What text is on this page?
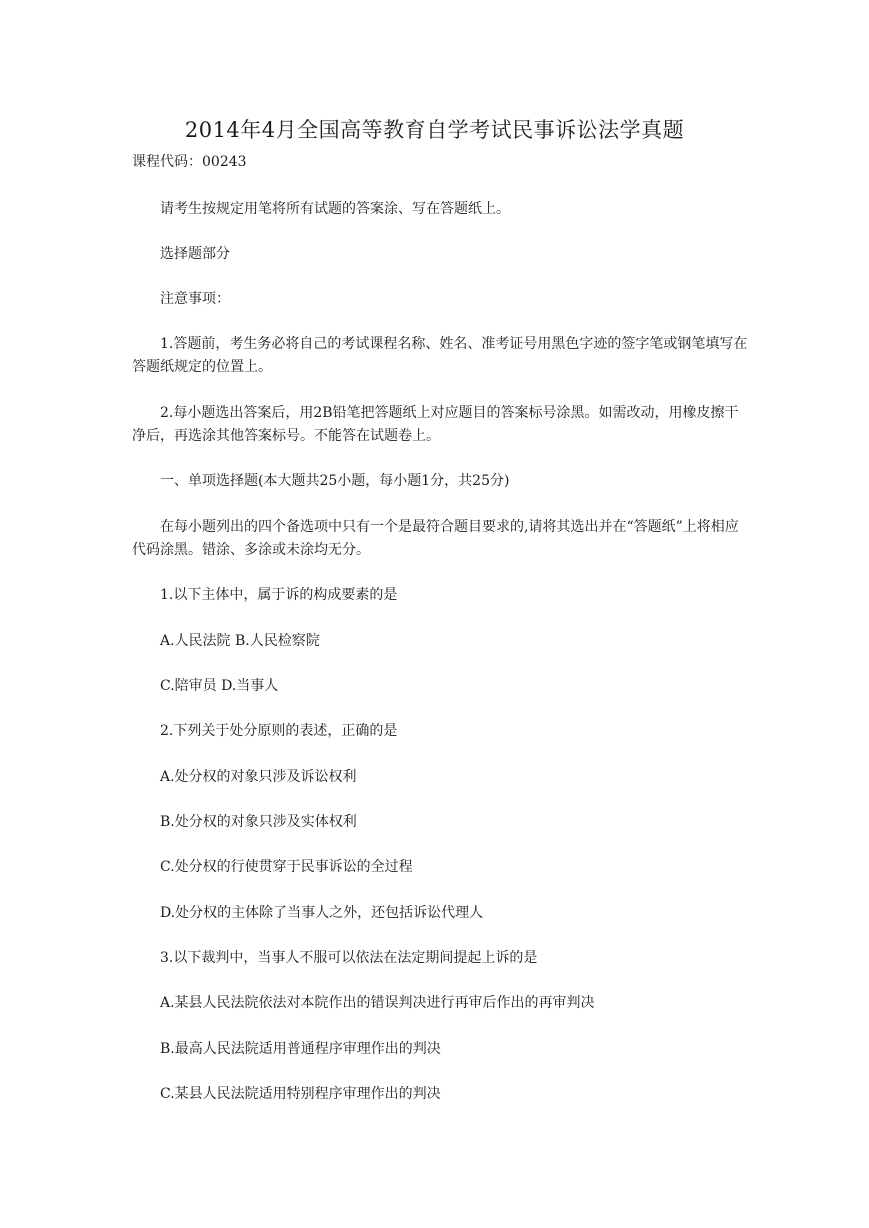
2014年4月全国高等教育自学考试民事诉讼法学真题
课程代码：00243
请考生按规定用笔将所有试题的答案涂、写在答题纸上。
选择题部分
注意事项：
1.答题前，考生务必将自己的考试课程名称、姓名、准考证号用黑色字迹的签字笔或钢笔填写在答题纸规定的位置上。
2.每小题选出答案后，用2B铅笔把答题纸上对应题目的答案标号涂黑。如需改动，用橡皮擦干净后，再选涂其他答案标号。不能答在试题卷上。
一、单项选择题(本大题共25小题，每小题1分，共25分)
在每小题列出的四个备选项中只有一个是最符合题目要求的,请将其选出并在“答题纸”上将相应代码涂黑。错涂、多涂或未涂均无分。
1.以下主体中，属于诉的构成要素的是
A.人民法院 B.人民检察院
C.陪审员 D.当事人
2.下列关于处分原则的表述，正确的是
A.处分权的对象只涉及诉讼权利
B.处分权的对象只涉及实体权利
C.处分权的行使贯穿于民事诉讼的全过程
D.处分权的主体除了当事人之外，还包括诉讼代理人
3.以下裁判中，当事人不服可以依法在法定期间提起上诉的是
A.某县人民法院依法对本院作出的错误判决进行再审后作出的再审判决
B.最高人民法院适用普通程序审理作出的判决
C.某县人民法院适用特别程序审理作出的判决
